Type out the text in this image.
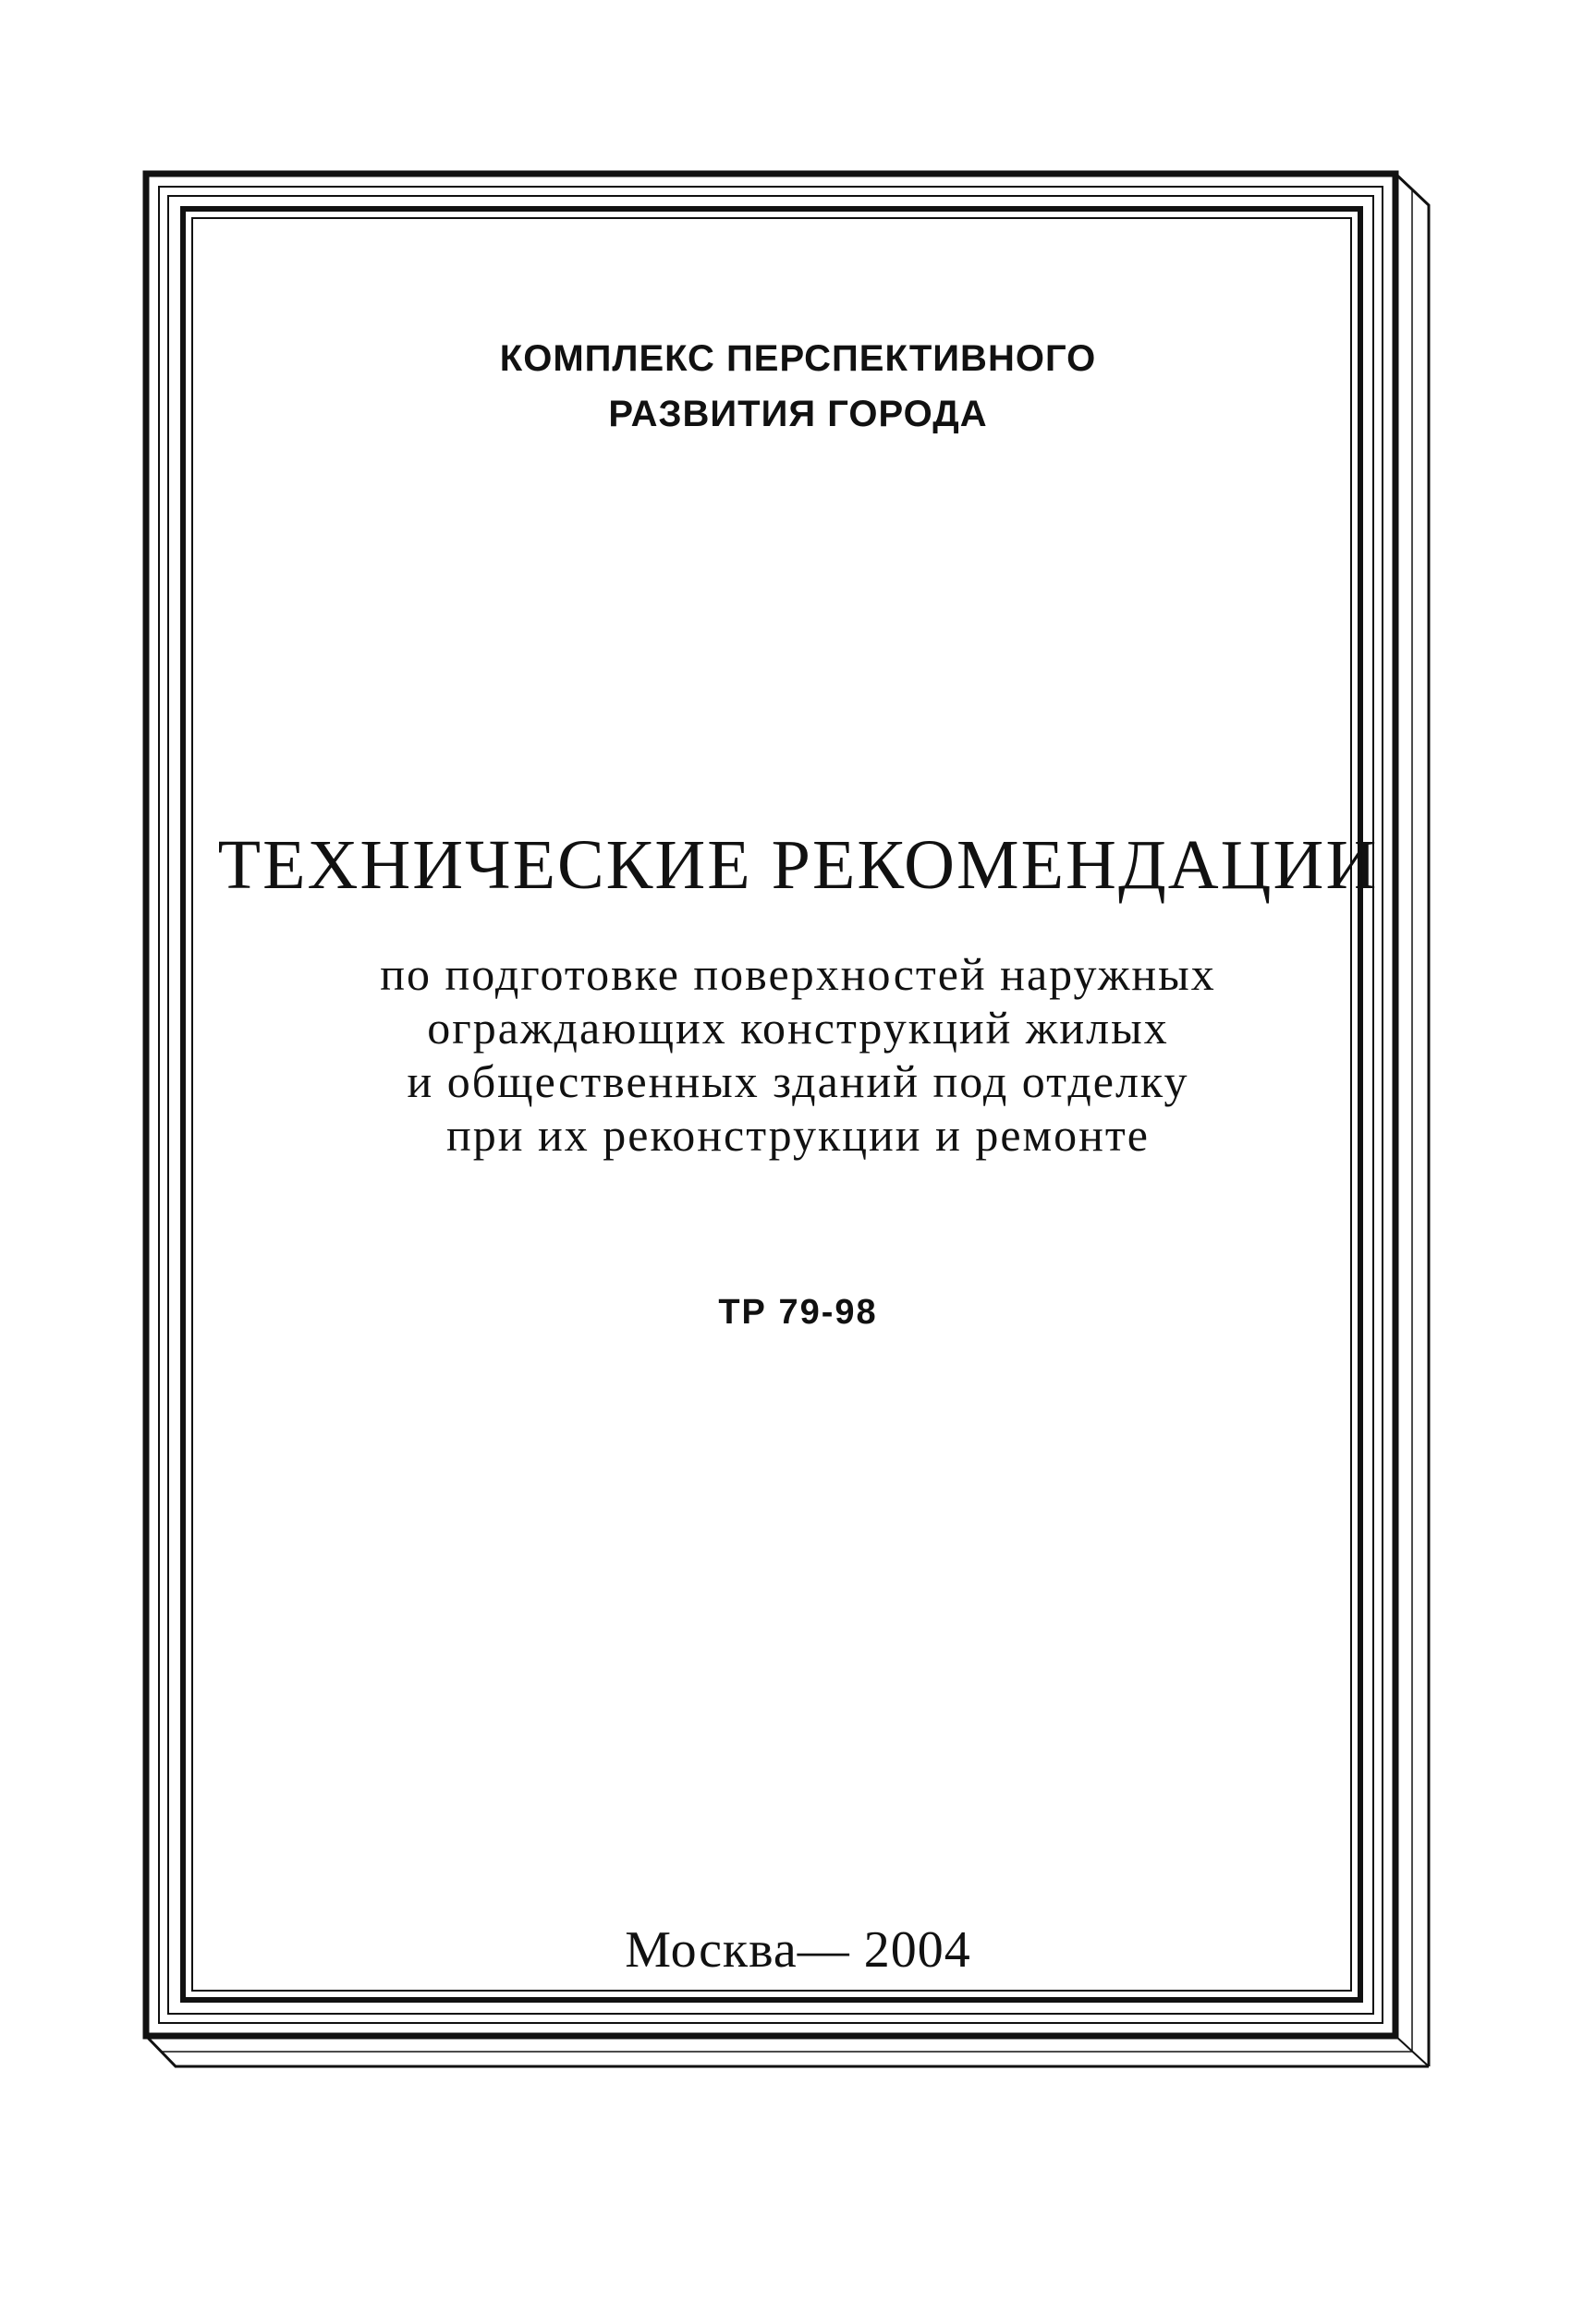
КОМПЛЕКС ПЕРСПЕКТИВНОГО
РАЗВИТИЯ ГОРОДА
ТЕХНИЧЕСКИЕ РЕКОМЕНДАЦИИ
по подготовке поверхностей наружных
ограждающих конструкций жилых
и общественных зданий под отделку
при их реконструкции и ремонте
ТР 79-98
Москва— 2004
